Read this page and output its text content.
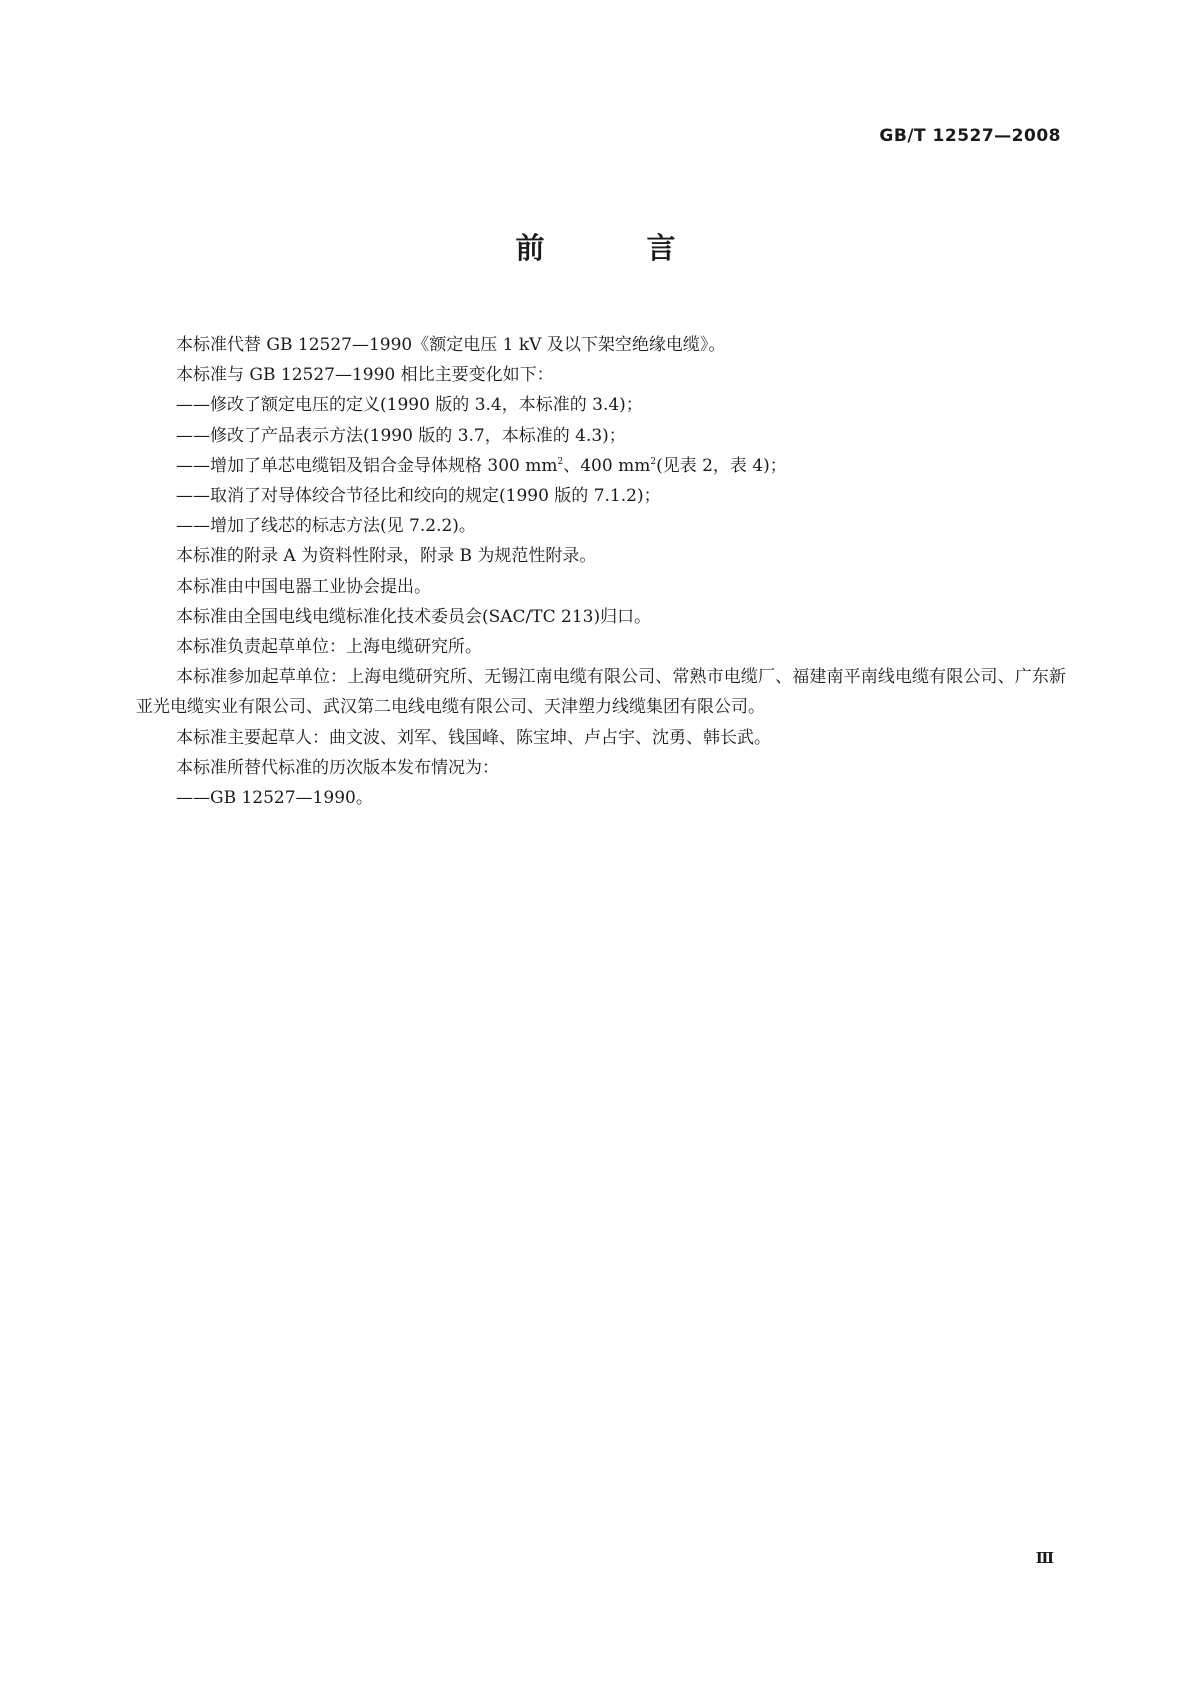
GB/T 12527—2008
前 言

本标准代替 GB 12527—1990《额定电压 1 kV 及以下架空绝缘电缆》。

本标准与 GB 12527—1990 相比主要变化如下：

——修改了额定电压的定义(1990 版的 3.4，本标准的 3.4)；

——修改了产品表示方法(1990 版的 3.7，本标准的 4.3)；

——增加了单芯电缆铝及铝合金导体规格 300 $mm^2$、400 $mm^2$(见表 2，表 4)；

——取消了对导体绞合节径比和绞向的规定(1990 版的 7.1.2)；

——增加了线芯的标志方法(见 7.2.2)。

本标准的附录 A 为资料性附录，附录 B 为规范性附录。

本标准由中国电器工业协会提出。

本标准由全国电线电缆标准化技术委员会(SAC/TC 213)归口。

本标准负责起草单位：上海电缆研究所。

本标准参加起草单位：上海电缆研究所、无锡江南电缆有限公司、常熟市电缆厂、福建南平南线电缆有限公司、广东新亚光电缆实业有限公司、武汉第二电线电缆有限公司、天津塑力线缆集团有限公司。

本标准主要起草人：曲文波、刘军、钱国峰、陈宝坤、卢占宇、沈勇、韩长武。

本标准所替代标准的历次版本发布情况为：

——GB 12527—1990。

Ⅲ
